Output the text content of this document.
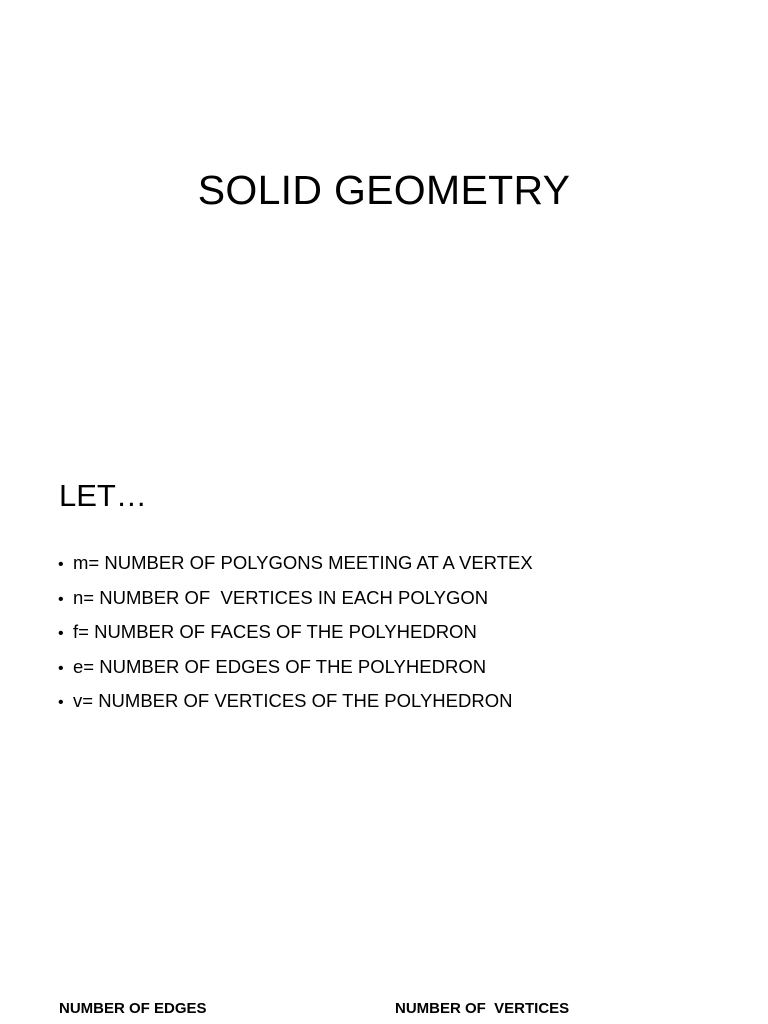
SOLID GEOMETRY
LET…
• m= NUMBER OF POLYGONS MEETING AT A VERTEX
• n= NUMBER OF  VERTICES IN EACH POLYGON
• f= NUMBER OF FACES OF THE POLYHEDRON
• e= NUMBER OF EDGES OF THE POLYHEDRON
• v= NUMBER OF VERTICES OF THE POLYHEDRON

NUMBER OF EDGES	NUMBER OF  VERTICES
